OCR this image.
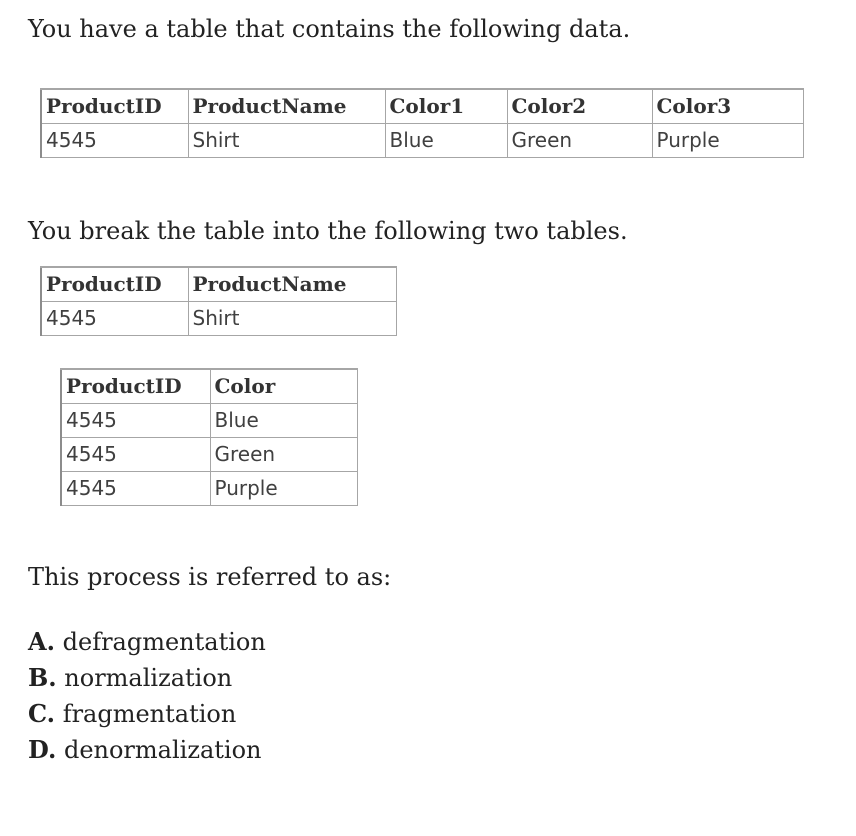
You have a table that contains the following data.

ProductID	ProductName	Color1	Color2	Color3
4545	Shirt	Blue	Green	Purple

You break the table into the following two tables.

ProductID	ProductName
4545	Shirt
ProductID	Color
4545	Blue
4545	Green
4545	Purple

This process is referred to as:

A. defragmentation
B. normalization
C. fragmentation
D. denormalization
